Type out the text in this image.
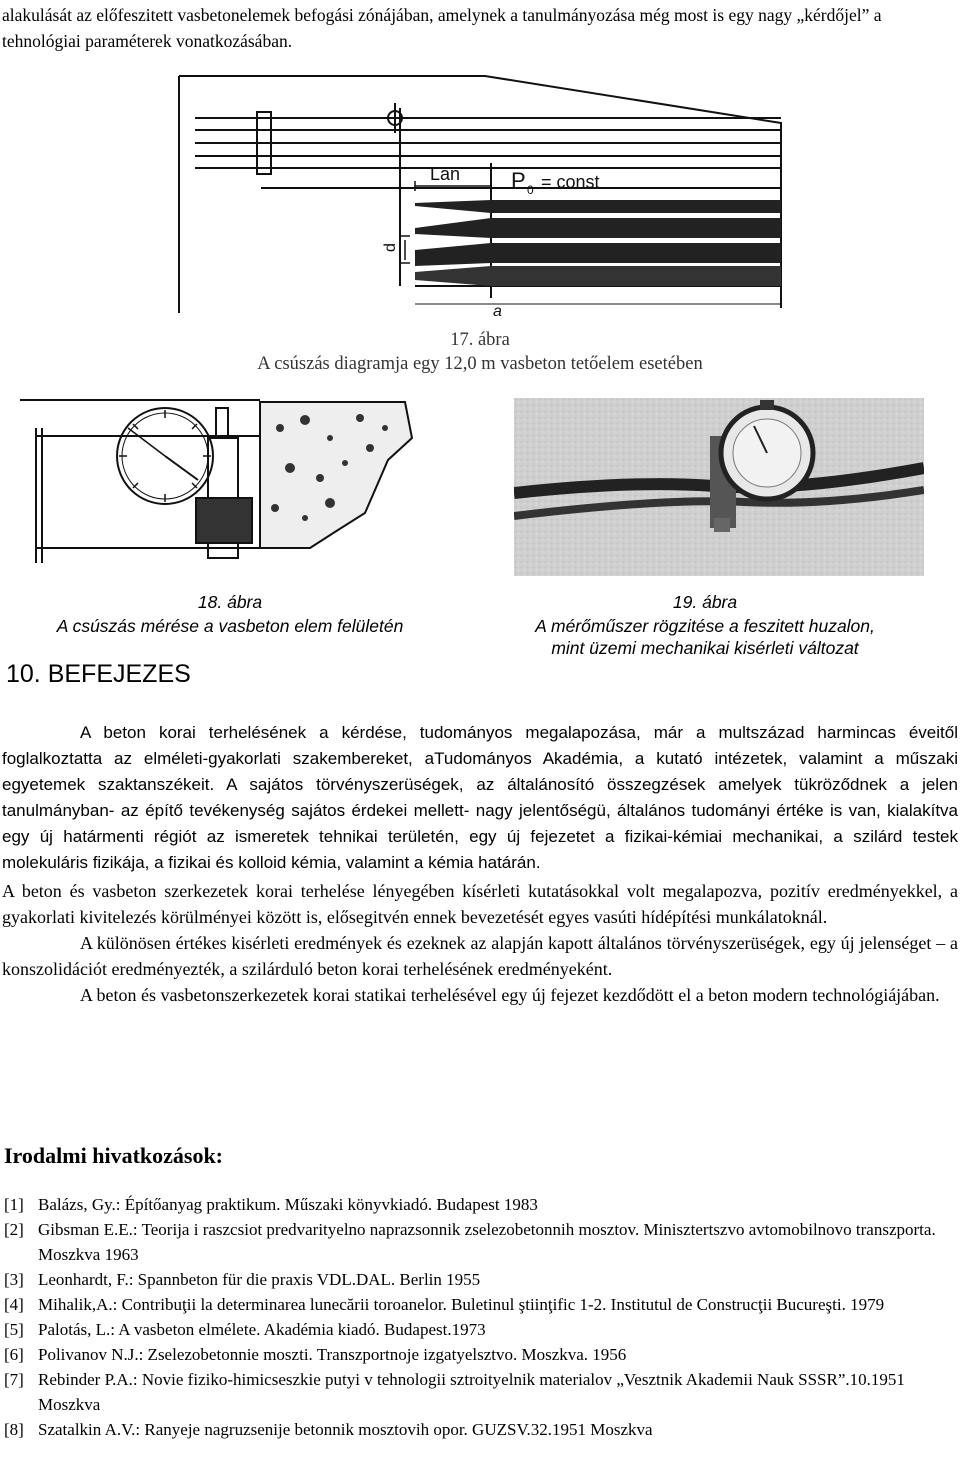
alakulását az előfeszitett vasbetonelemek befogási zónájában, amelynek a tanulmányozása még most is egy nagy „kérdőjel” a tehnológiai paraméterek vonatkozásában.
Lan P 0 = const
d
a
17. ábra
A csúszás diagramja egy 12,0 m vasbeton tetőelem esetében
18. ábra
A csúszás mérése a vasbeton elem felületén
19. ábra
A mérőműszer rögzitése a feszitett huzalon,
mint üzemi mechanikai kisérleti változat
10. BEFEJEZES
A beton korai terhelésének a kérdése, tudományos megalapozása, már a multszázad harmincas éveitől foglalkoztatta az elméleti-gyakorlati szakembereket, aTudományos Akadémia, a kutató intézetek, valamint a műszaki egyetemek szaktanszékeit. A sajátos törvényszerüségek, az általánosító összegzések amelyek tükröződnek a jelen tanulmányban- az építő tevékenység sajátos érdekei mellett- nagy jelentőségü, általános tudományi értéke is van, kialakítva egy új határmenti régiót az ismeretek tehnikai területén, egy új fejezetet a fizikai-kémiai mechanikai, a szilárd testek molekuláris fizikája, a fizikai és kolloid kémia, valamint a kémia határán.

A beton és vasbeton szerkezetek korai terhelése lényegében kísérleti kutatásokkal volt megalapozva, pozitív eredményekkel, a gyakorlati kivitelezés körülményei között is, elősegitvén ennek bevezetését egyes vasúti hídépítési munkálatoknál.

A különösen értékes kisérleti eredmények és ezeknek az alapján kapott általános törvényszerüségek, egy új jelenséget – a konszolidációt eredményezték, a szilárduló beton korai terhelésének eredményeként.

A beton és vasbetonszerkezetek korai statikai terhelésével egy új fejezet kezdődött el a beton modern technológiájában.

Irodalmi hivatkozások:
[1] Balázs, Gy.: Építőanyag praktikum. Műszaki könyvkiadó. Budapest 1983
[2] Gibsman E.E.: Teorija i raszcsiot predvarityelno naprazsonnik zselezobetonnih mosztov. Minisztertszvo avtomobilnovo transzporta. Moszkva 1963
[3] Leonhardt, F.: Spannbeton für die praxis VDL.DAL. Berlin 1955
[4] Mihalik,A.: Contribuţii la determinarea lunecării toroanelor. Buletinul ştiinţific 1-2. Institutul de Construcţii Bucureşti. 1979
[5] Palotás, L.: A vasbeton elmélete. Akadémia kiadó. Budapest.1973
[6] Polivanov N.J.: Zselezobetonnie moszti. Transzportnoje izgatyelsztvo. Moszkva. 1956
[7] Rebinder P.A.: Novie fiziko-himicseszkie putyi v tehnologii sztroityelnik materialov „Vesztnik Akademii Nauk SSSR”.10.1951 Moszkva
[8] Szatalkin A.V.: Ranyeje nagruzsenije betonnik mosztovih opor. GUZSV.32.1951 Moszkva
